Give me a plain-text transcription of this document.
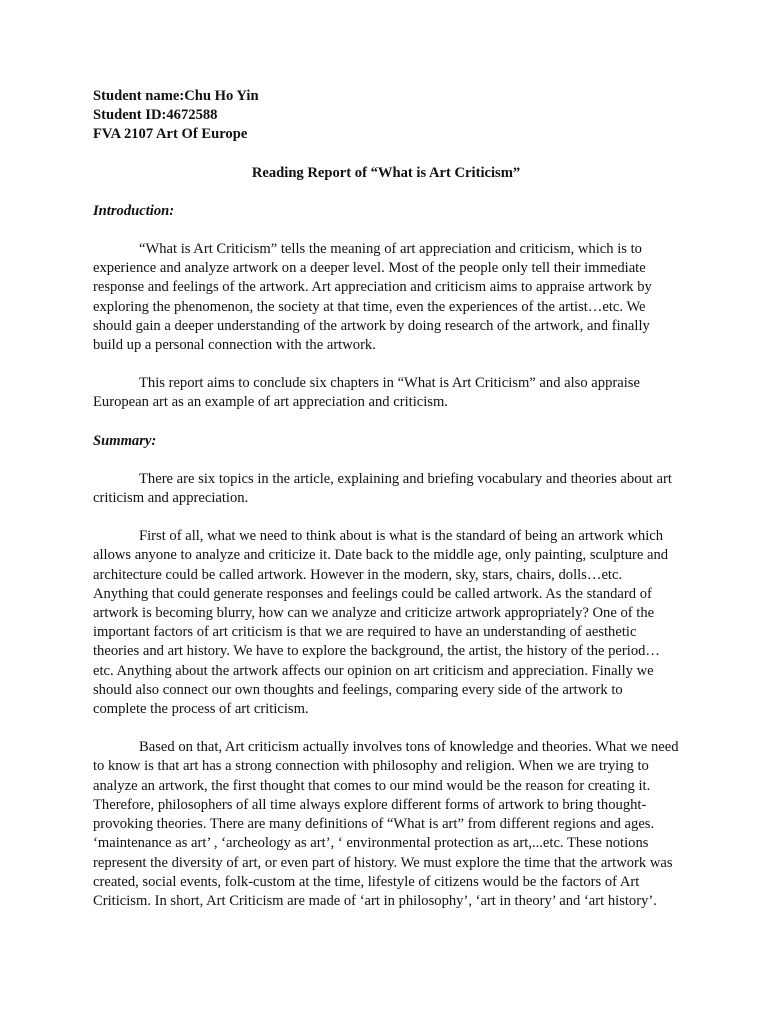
Student name:Chu Ho Yin

Student ID:4672588

FVA 2107 Art Of Europe

Reading Report of “What is Art Criticism”

Introduction:

“What is Art Criticism” tells the meaning of art appreciation and criticism, which is to experience and analyze artwork on a deeper level. Most of the people only tell their immediate response and feelings of the artwork. Art appreciation and criticism aims to appraise artwork by exploring the phenomenon, the society at that time, even the experiences of the artist…etc. We should gain a deeper understanding of the artwork by doing research of the artwork, and finally build up a personal connection with the artwork.

This report aims to conclude six chapters in “What is Art Criticism” and also appraise European art as an example of art appreciation and criticism.

Summary:

There are six topics in the article, explaining and briefing vocabulary and theories about art criticism and appreciation.

First of all, what we need to think about is what is the standard of being an artwork which allows anyone to analyze and criticize it. Date back to the middle age, only painting, sculpture and architecture could be called artwork. However in the modern, sky, stars, chairs, dolls…etc. Anything that could generate responses and feelings could be called artwork. As the standard of artwork is becoming blurry, how can we analyze and criticize artwork appropriately? One of the important factors of art criticism is that we are required to have an understanding of aesthetic theories and art history. We have to explore the background, the artist, the history of the period…etc. Anything about the artwork affects our opinion on art criticism and appreciation. Finally we should also connect our own thoughts and feelings, comparing every side of the artwork to complete the process of art criticism.

Based on that, Art criticism actually involves tons of knowledge and theories. What we need to know is that art has a strong connection with philosophy and religion. When we are trying to analyze an artwork, the first thought that comes to our mind would be the reason for creating it. Therefore, philosophers of all time always explore different forms of artwork to bring thought-provoking theories. There are many definitions of “What is art” from different regions and ages. ‘maintenance as art’ , ‘archeology as art’, ‘ environmental protection as art,...etc. These notions represent the diversity of art, or even part of history. We must explore the time that the artwork was created, social events, folk-custom at the time, lifestyle of citizens would be the factors of Art Criticism. In short, Art Criticism are made of ‘art in philosophy’, ‘art in theory’ and ‘art history’.
